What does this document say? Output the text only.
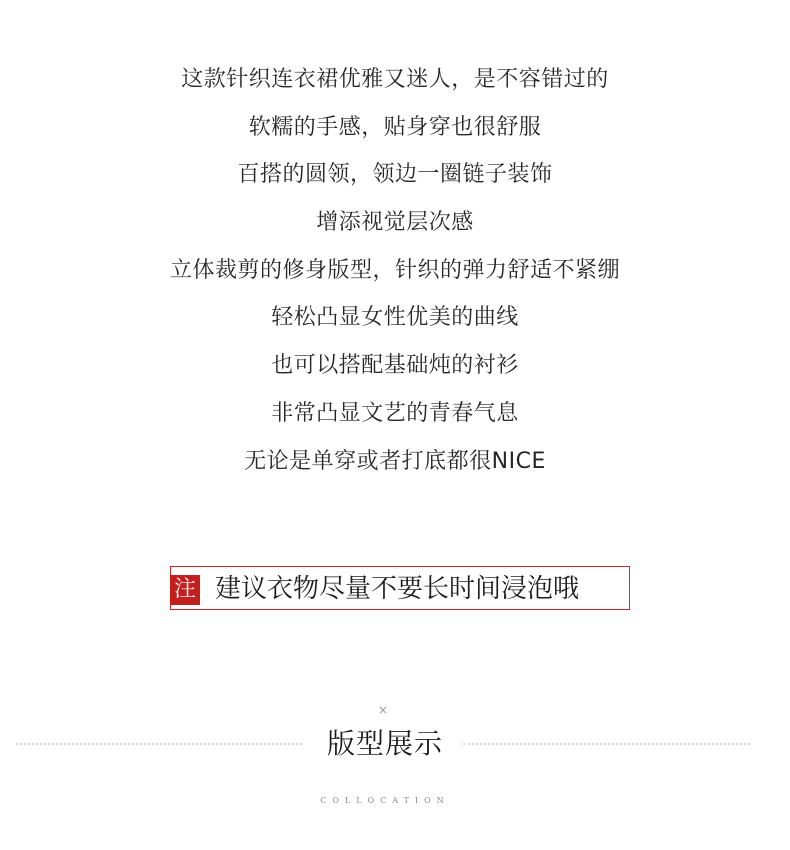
这款针织连衣裙优雅又迷人，是不容错过的
软糯的手感，贴身穿也很舒服
百搭的圆领，领边一圈链子装饰
增添视觉层次感
立体裁剪的修身版型，针织的弹力舒适不紧绷
轻松凸显女性优美的曲线
也可以搭配基础炖的衬衫
非常凸显文艺的青春气息
无论是单穿或者打底都很NICE
注 建议衣物尽量不要长时间浸泡哦
×
版型展示
COLLOCATION
